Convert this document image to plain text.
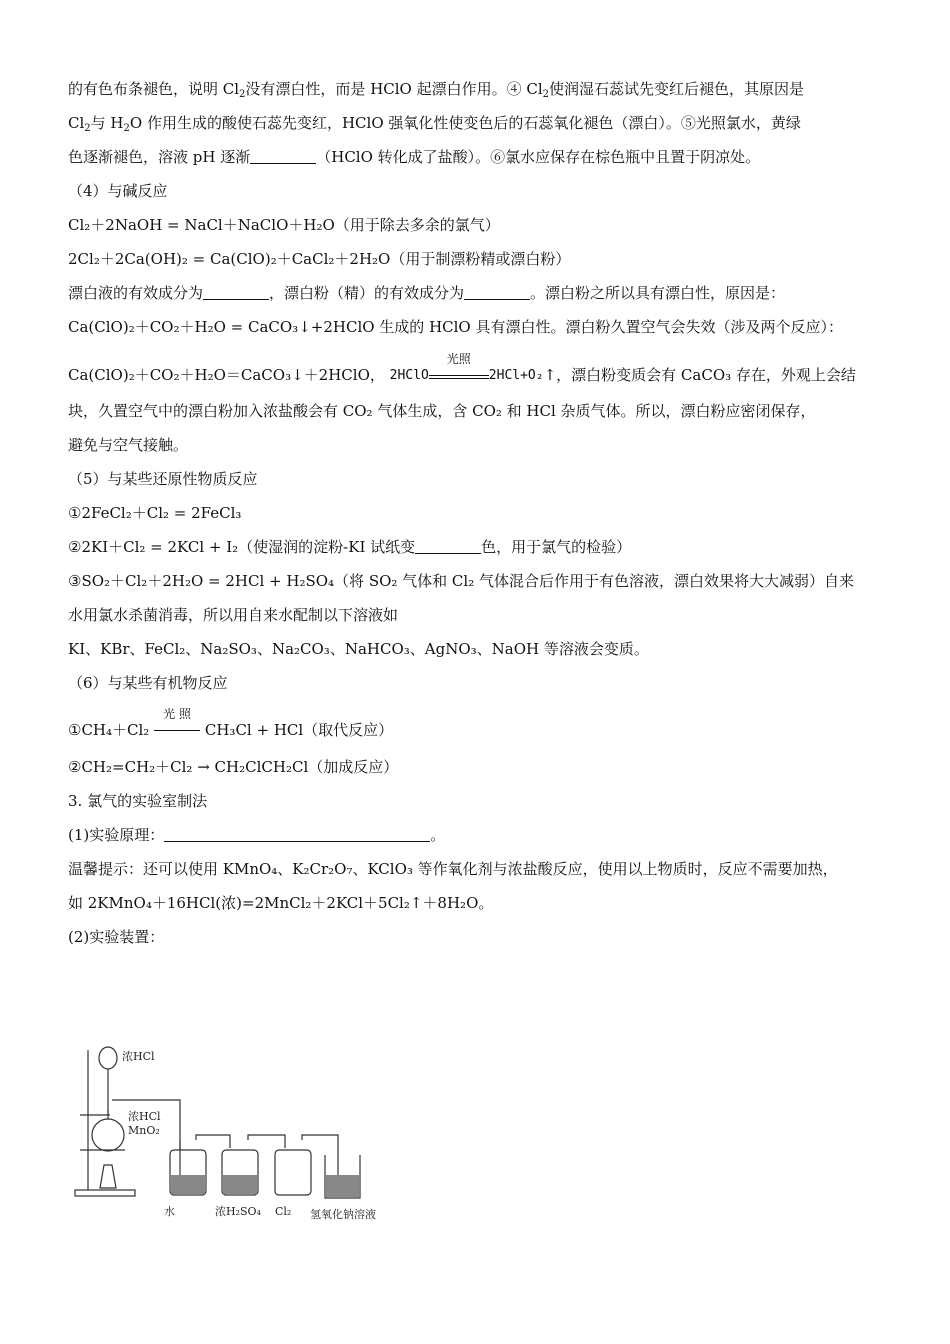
的有色布条褪色，说明 $Cl_2$没有漂白性，而是 HClO 起漂白作用。④ $Cl_2$使润湿石蕊试先变红后褪色，其原因是
$Cl_2$与 $H_2O$ 作用生成的酸使石蕊先变红，HClO 强氧化性使变色后的石蕊氧化褪色（漂白）。⑤光照氯水，黄绿
色逐渐褪色，溶液 pH 逐渐	（HClO 转化成了盐酸）。⑥氯水应保存在棕色瓶中且置于阴凉处。
（4）与碱反应
Cl₂＋2NaOH = NaCl＋NaClO＋H₂O（用于除去多余的氯气）
2Cl₂＋2Ca(OH)₂ = Ca(ClO)₂＋CaCl₂＋2H₂O（用于制漂粉精或漂白粉）
漂白液的有效成分为	，漂白粉（精）的有效成分为	。漂白粉之所以具有漂白性，原因是：
Ca(ClO)₂＋CO₂＋H₂O = CaCO₃↓+2HClO 生成的 HClO 具有漂白性。漂白粉久置空气会失效（涉及两个反应）：
Ca(ClO)₂＋CO₂＋H₂O＝CaCO₃↓＋2HClO， 2HClO
光照
2HCl+O₂↑，漂白粉变质会有 CaCO₃ 存在，外观上会结
块，久置空气中的漂白粉加入浓盐酸会有 CO₂ 气体生成，含 CO₂ 和 HCl 杂质气体。所以，漂白粉应密闭保存，
避免与空气接触。
（5）与某些还原性物质反应
①2FeCl₂＋Cl₂ = 2FeCl₃
②2KI＋Cl₂ = 2KCl + I₂（使湿润的淀粉-KI 试纸变	色，用于氯气的检验）
③SO₂＋Cl₂＋2H₂O = 2HCl + H₂SO₄（将 SO₂ 气体和 Cl₂ 气体混合后作用于有色溶液，漂白效果将大大减弱）自来
水用氯水杀菌消毒，所以用自来水配制以下溶液如
KI、KBr、FeCl₂、Na₂SO₃、Na₂CO₃、NaHCO₃、AgNO₃、NaOH 等溶液会变质。
（6）与某些有机物反应
①CH₄＋Cl₂
光 照
CH₃Cl + HCl（取代反应）
②CH₂=CH₂＋Cl₂ → CH₂ClCH₂Cl（加成反应）
3. 氯气的实验室制法
(1)实验原理：	。
温馨提示：还可以使用 KMnO₄、K₂Cr₂O₇、KClO₃ 等作氧化剂与浓盐酸反应，使用以上物质时，反应不需要加热，
如 2KMnO₄＋16HCl(浓)=2MnCl₂＋2KCl＋5Cl₂↑＋8H₂O。
(2)实验装置：
浓HCl
浓HCl
MnO₂
水	浓H₂SO₄ Cl₂ 氢氧化钠溶液
